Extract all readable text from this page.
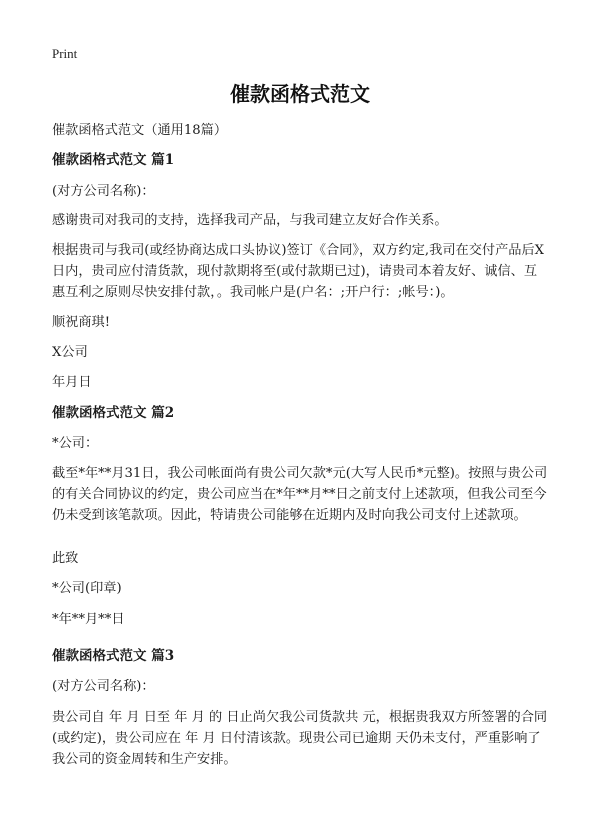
Print
催款函格式范文

催款函格式范文（通用18篇）

催款函格式范文 篇1

(对方公司名称)：

感谢贵司对我司的支持，选择我司产品，与我司建立友好合作关系。

根据贵司与我司(或经协商达成口头协议)签订《合同》，双方约定,我司在交付产品后X日内，贵司应付清货款，现付款期将至(或付款期已过)，请贵司本着友好、诚信、互惠互利之原则尽快安排付款，。我司帐户是(户名：;开户行：;帐号：)。

顺祝商琪!

X公司

年月日

催款函格式范文 篇2

*公司：

截至*年**月31日，我公司帐面尚有贵公司欠款*元(大写人民币*元整)。按照与贵公司的有关合同协议的约定，贵公司应当在*年**月**日之前支付上述款项，但我公司至今仍未受到该笔款项。因此，特请贵公司能够在近期内及时向我公司支付上述款项。

此致

*公司(印章)

*年**月**日

催款函格式范文 篇3

(对方公司名称)：

贵公司自 年 月 日至 年 月 的 日止尚欠我公司货款共 元，根据贵我双方所签署的合同(或约定)，贵公司应在 年 月 日付清该款。现贵公司已逾期 天仍未支付，严重影响了我公司的资金周转和生产安排。
